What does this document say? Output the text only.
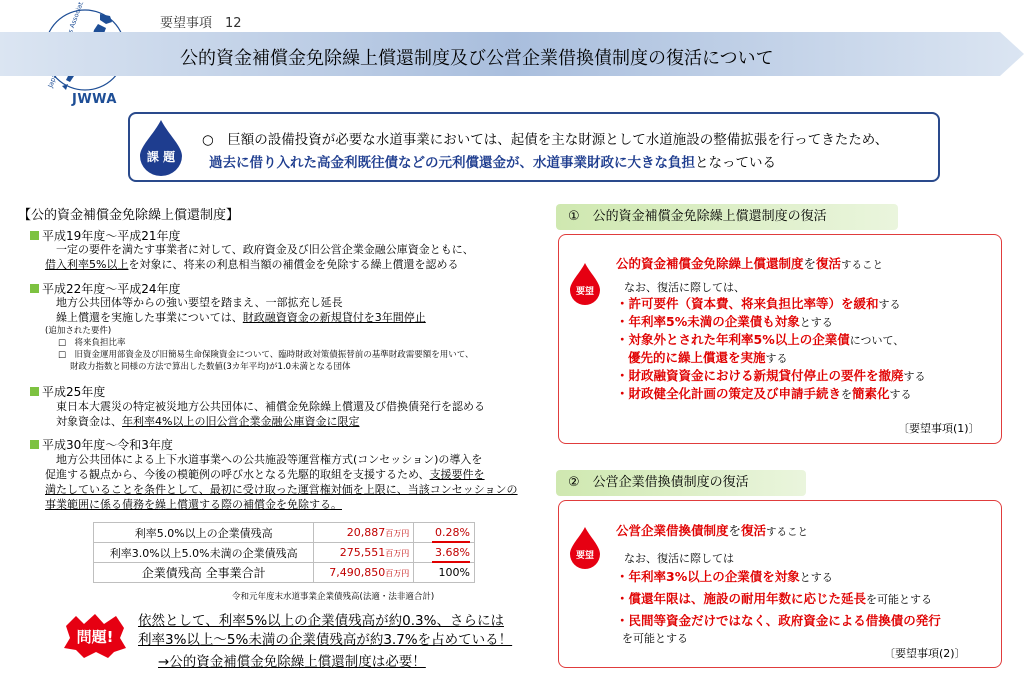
JWWA
要望事項　12
公的資金補償金免除繰上償還制度及び公営企業借換債制度の復活について
課 題
○　巨額の設備投資が必要な水道事業においては、起債を主な財源として水道施設の整備拡張を行ってきたため、
過去に借り入れた高金利既往債などの元利償還金が、水道事業財政に大きな負担となっている
【公的資金補償金免除繰上償還制度】
平成19年度～平成21年度
一定の要件を満たす事業者に対して、政府資金及び旧公営企業金融公庫資金ともに、
借入利率5%以上を対象に、将来の利息相当額の補償金を免除する繰上償還を認める
平成22年度～平成24年度
地方公共団体等からの強い要望を踏まえ、一部拡充し延長
繰上償還を実施した事業については、財政融資資金の新規貸付を3年間停止
(追加された要件)
□　将来負担比率
□　旧資金運用部資金及び旧簡易生命保険資金について、臨時財政対策債振替前の基準財政需要額を用いて、
財政力指数と同様の方法で算出した数値(3カ年平均)が1.0未満となる団体
平成25年度
東日本大震災の特定被災地方公共団体に、補償金免除繰上償還及び借換債発行を認める
対象資金は、年利率4%以上の旧公営企業金融公庫資金に限定
平成30年度～令和3年度
地方公共団体による上下水道事業への公共施設等運営権方式(コンセッション)の導入を
促進する観点から、今後の模範例の呼び水となる先駆的取組を支援するため、支援要件を
満たしていることを条件として、最初に受け取った運営権対価を上限に、当該コンセッションの
事業範囲に係る債務を繰上償還する際の補償金を免除する。
利率5.0%以上の企業債残高	20,887百万円	0.28%
利率3.0%以上5.0%未満の企業債残高	275,551百万円	3.68%
企業債残高 全事業合計	7,490,850百万円	100%
令和元年度末水道事業企業債残高(法適・法非適合計)
問題!
依然として、利率5%以上の企業債残高が約0.3%、さらには
利率3%以上～5%未満の企業債残高が約3.7%を占めている！
→公的資金補償金免除繰上償還制度は必要！
①　公的資金補償金免除繰上償還制度の復活
要望
公的資金補償金免除繰上償還制度を復活すること
なお、復活に際しては、
・許可要件（資本費、将来負担比率等）を緩和する
・年利率5%未満の企業債も対象とする
・対象外とされた年利率5%以上の企業債について、
優先的に繰上償還を実施する
・財政融資資金における新規貸付停止の要件を撤廃する
・財政健全化計画の策定及び申請手続きを簡素化する
〔要望事項(1)〕
②　公営企業借換債制度の復活
要望
公営企業借換債制度を復活すること
なお、復活に際しては
・年利率3%以上の企業債を対象とする
・償還年限は、施設の耐用年数に応じた延長を可能とする
・民間等資金だけではなく、政府資金による借換債の発行
を可能とする
〔要望事項(2)〕
